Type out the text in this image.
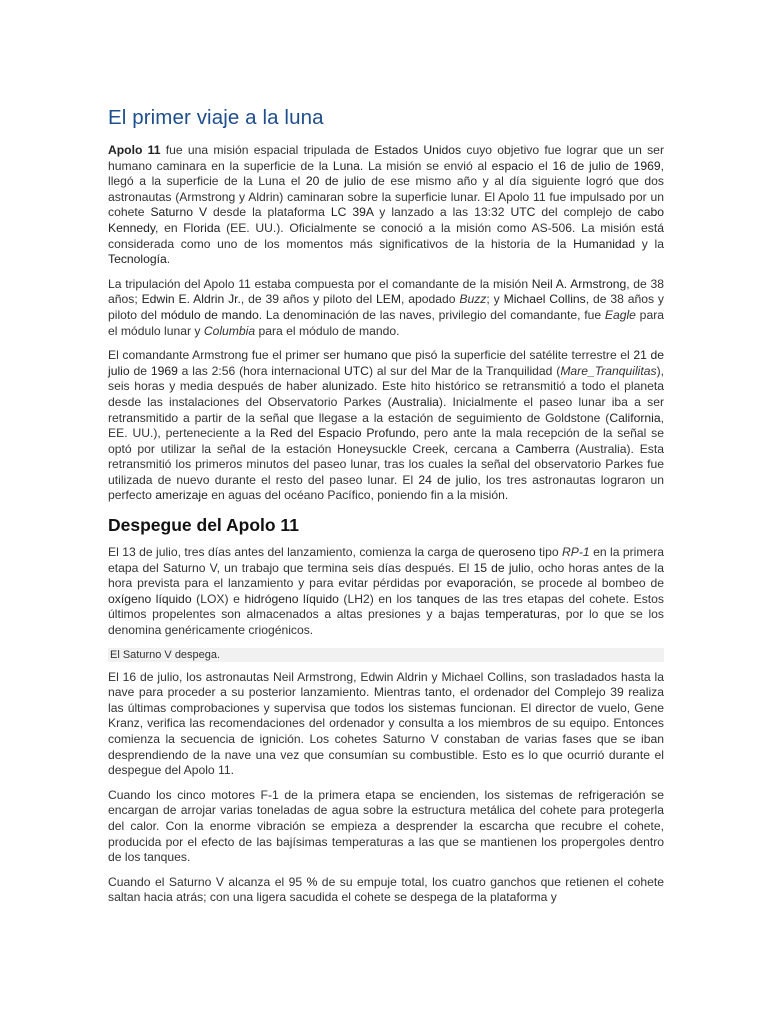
El primer viaje a la luna

Apolo 11 fue una misión espacial tripulada de Estados Unidos cuyo objetivo fue lograr que un ser humano caminara en la superficie de la Luna. La misión se envió al espacio el 16 de julio de 1969, llegó a la superficie de la Luna el 20 de julio de ese mismo año y al día siguiente logró que dos astronautas (Armstrong y Aldrin) caminaran sobre la superficie lunar. El Apolo 11 fue impulsado por un cohete Saturno V desde la plataforma LC 39A y lanzado a las 13:32 UTC del complejo de cabo Kennedy, en Florida (EE. UU.). Oficialmente se conoció a la misión como AS-506. La misión está considerada como uno de los momentos más significativos de la historia de la Humanidad y la Tecnología.

La tripulación del Apolo 11 estaba compuesta por el comandante de la misión Neil A. Armstrong, de 38 años; Edwin E. Aldrin Jr., de 39 años y piloto del LEM, apodado Buzz; y Michael Collins, de 38 años y piloto del módulo de mando. La denominación de las naves, privilegio del comandante, fue Eagle para el módulo lunar y Columbia para el módulo de mando.

El comandante Armstrong fue el primer ser humano que pisó la superficie del satélite terrestre el 21 de julio de 1969 a las 2:56 (hora internacional UTC) al sur del Mar de la Tranquilidad (Mare_Tranquilitas), seis horas y media después de haber alunizado. Este hito histórico se retransmitió a todo el planeta desde las instalaciones del Observatorio Parkes (Australia). Inicialmente el paseo lunar iba a ser retransmitido a partir de la señal que llegase a la estación de seguimiento de Goldstone (California, EE. UU.), perteneciente a la Red del Espacio Profundo, pero ante la mala recepción de la señal se optó por utilizar la señal de la estación Honeysuckle Creek, cercana a Camberra (Australia). Esta retransmitió los primeros minutos del paseo lunar, tras los cuales la señal del observatorio Parkes fue utilizada de nuevo durante el resto del paseo lunar. El 24 de julio, los tres astronautas lograron un perfecto amerizaje en aguas del océano Pacífico, poniendo fin a la misión.

Despegue del Apolo 11

El 13 de julio, tres días antes del lanzamiento, comienza la carga de queroseno tipo RP-1 en la primera etapa del Saturno V, un trabajo que termina seis días después. El 15 de julio, ocho horas antes de la hora prevista para el lanzamiento y para evitar pérdidas por evaporación, se procede al bombeo de oxígeno líquido (LOX) e hidrógeno líquido (LH2) en los tanques de las tres etapas del cohete. Estos últimos propelentes son almacenados a altas presiones y a bajas temperaturas, por lo que se los denomina genéricamente criogénicos.

El Saturno V despega.

El 16 de julio, los astronautas Neil Armstrong, Edwin Aldrin y Michael Collins, son trasladados hasta la nave para proceder a su posterior lanzamiento. Mientras tanto, el ordenador del Complejo 39 realiza las últimas comprobaciones y supervisa que todos los sistemas funcionan. El director de vuelo, Gene Kranz, verifica las recomendaciones del ordenador y consulta a los miembros de su equipo. Entonces comienza la secuencia de ignición. Los cohetes Saturno V constaban de varias fases que se iban desprendiendo de la nave una vez que consumían su combustible. Esto es lo que ocurrió durante el despegue del Apolo 11.

Cuando los cinco motores F-1 de la primera etapa se encienden, los sistemas de refrigeración se encargan de arrojar varias toneladas de agua sobre la estructura metálica del cohete para protegerla del calor. Con la enorme vibración se empieza a desprender la escarcha que recubre el cohete, producida por el efecto de las bajísimas temperaturas a las que se mantienen los propergoles dentro de los tanques.

Cuando el Saturno V alcanza el 95 % de su empuje total, los cuatro ganchos que retienen el cohete saltan hacia atrás; con una ligera sacudida el cohete se despega de la plataforma y
